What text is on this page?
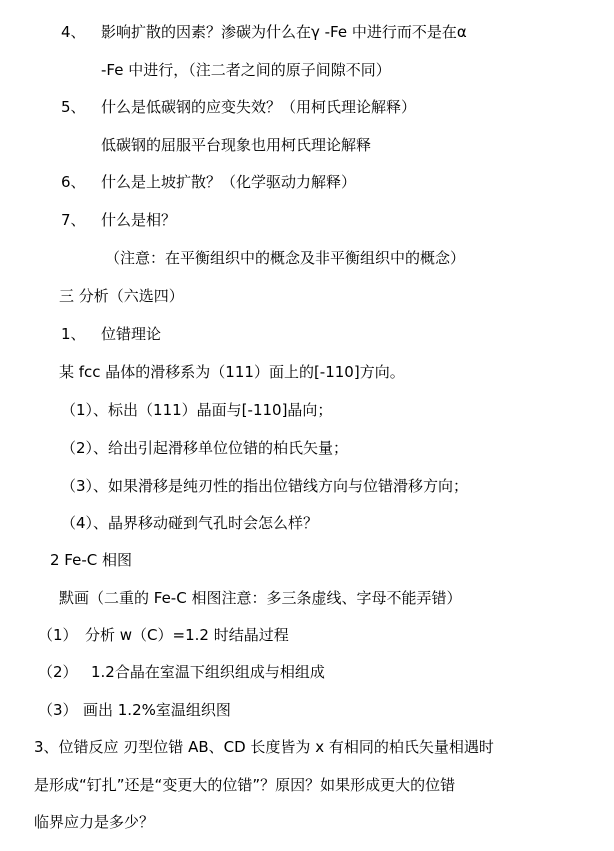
4、 影响扩散的因素？渗碳为什么在γ -Fe 中进行而不是在α
-Fe 中进行，（注二者之间的原子间隙不同）
5、 什么是低碳钢的应变失效？（用柯氏理论解释）
低碳钢的屈服平台现象也用柯氏理论解释
6、 什么是上坡扩散？（化学驱动力解释）
7、 什么是相？
（注意：在平衡组织中的概念及非平衡组织中的概念）
三 分析（六选四）
1、 位错理论
某 fcc 晶体的滑移系为（111）面上的[-110]方向。
（1）、标出（111）晶面与[-110]晶向；
（2）、给出引起滑移单位位错的柏氏矢量；
（3）、如果滑移是纯刃性的指出位错线方向与位错滑移方向；
（4）、晶界移动碰到气孔时会怎么样？
2 Fe-C 相图
默画（二重的 Fe-C 相图注意：多三条虚线、字母不能弄错）
（1） 分析 w（C）=1.2 时结晶过程
（2） 1.2合晶在室温下组织组成与相组成
（3） 画出 1.2%室温组织图
3、位错反应 刃型位错 AB、CD 长度皆为 x 有相同的柏氏矢量相遇时
是形成“钉扎”还是“变更大的位错”？原因？如果形成更大的位错
临界应力是多少？
